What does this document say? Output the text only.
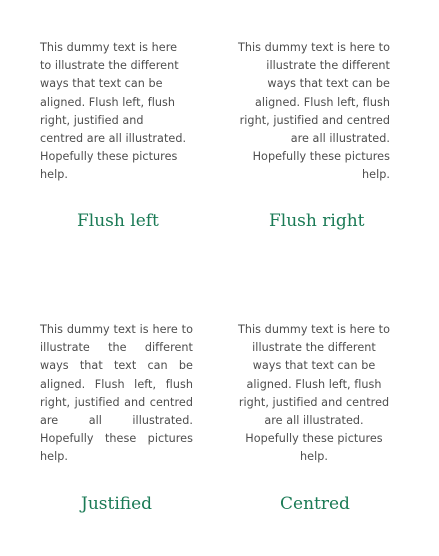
This dummy text is here to illustrate the different ways that text can be aligned. Flush left, flush right, justified and centred are all illustrated. Hopefully these pictures help.

Flush left

This dummy text is here to illustrate the different ways that text can be aligned. Flush left, flush right, justified and centred are all illustrated. Hopefully these pictures help.

Flush right

This dummy text is here to illustrate the different ways that text can be aligned. Flush left, flush right, justified and centred are all illustrated. Hopefully these pictures help.

Justified

This dummy text is here to illustrate the different ways that text can be aligned. Flush left, flush right, justified and centred are all illustrated. Hopefully these pictures help.

Centred
